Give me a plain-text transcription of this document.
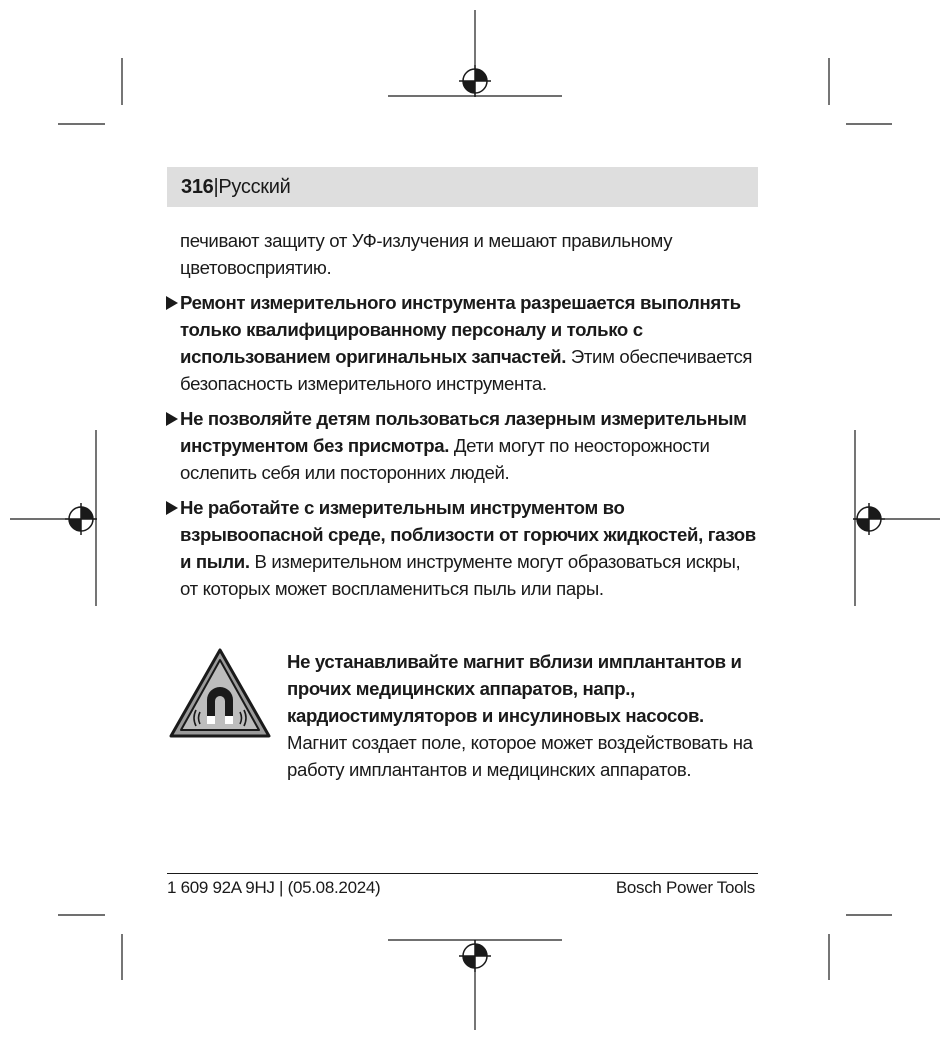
316|Русский

печивают защиту от УФ-излучения и мешают правильному цветовосприятию.

Ремонт измерительного инструмента разрешается выполнять только квалифицированному персоналу и только с использованием оригинальных запчастей. Этим обеспечивается безопасность измерительного инструмента.
Не позволяйте детям пользоваться лазерным измерительным инструментом без присмотра. Дети могут по неосторожности ослепить себя или посторонних людей.
Не работайте с измерительным инструментом во взрывоопасной среде, поблизости от горючих жидкостей, газов и пыли. В измерительном инструменте могут образоваться искры, от которых может воспламениться пыль или пары.
Не устанавливайте магнит вблизи имплантантов и прочих медицинских аппаратов, напр., кардиостимуляторов и инсулиновых насосов. Магнит создает поле, которое может воздействовать на работу имплантантов и медицинских аппаратов.
1 609 92A 9HJ | (05.08.2024)	Bosch Power Tools
